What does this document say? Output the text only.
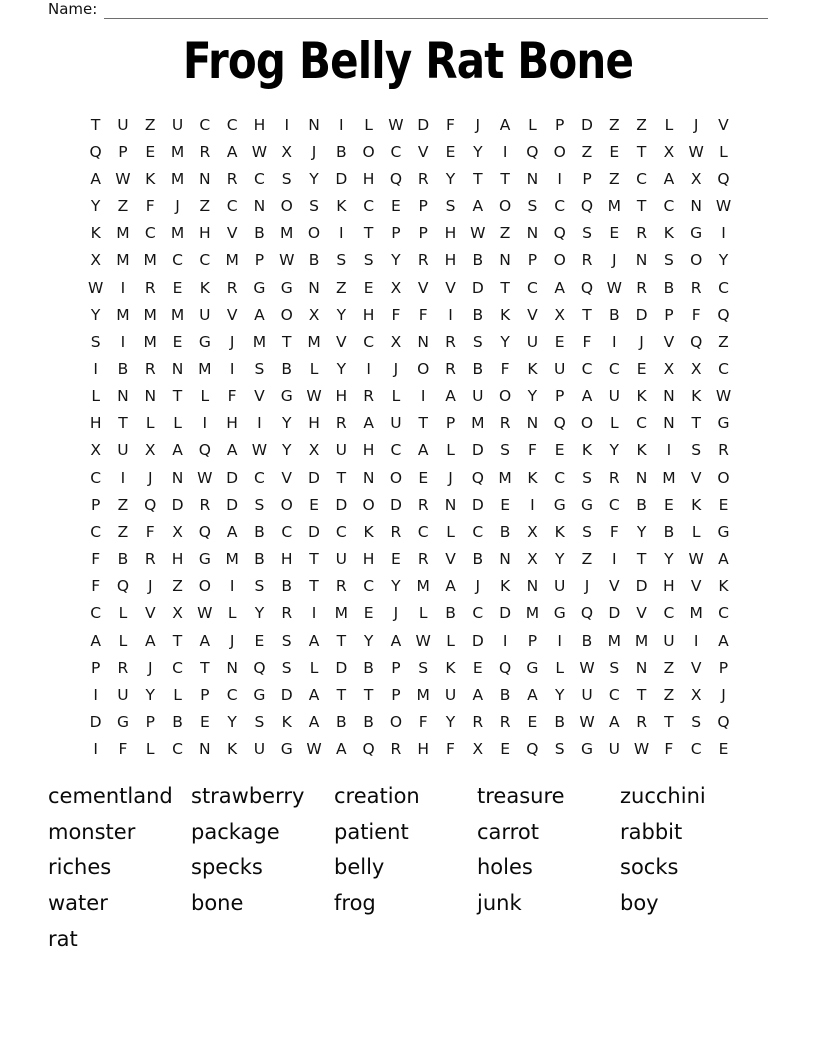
Name:
Frog Belly Rat Bone
T	U	Z	U	C	C	H	I	N	I	L W D	F	J	A	L	P	D	Z	Z	L	J	V
Q	P	E	M R	A W X	J	B	O	C	V	E	Y	I	Q O	Z	E	T	X W L
A W K	M N	R	C	S	Y	D	H Q	R	Y	T	T	N	I	P	Z	C	A	X	Q
Y	Z	F	J	Z	C	N O	S	K	C	E	P	S	A	O	S	C	Q M	T	C	N W
K	M C M H	V	B M O	I	T	P	P	H W Z	N Q	S	E	R	K	G	I
X M M C	C M	P W B	S	S	Y	R	H	B	N	P	O	R	J	N	S	O	Y
W	I	R	E	K	R	G G N	Z	E	X	V	V	D	T	C	A	Q W R	B	R	C
Y	M M M U	V	A	O	X	Y	H	F	F	I	B	K	V	X	T	B	D	P	F	Q
S	I	M	E	G	J	M	T	M V	C	X	N	R	S	Y	U	E	F	I	J	V	Q	Z
I	B	R	N M	I	S	B	L	Y	I	J	O	R	B	F	K	U	C	C	E	X	X	C
L	N	N	T	L	F	V	G W H	R	L	I	A	U	O	Y	P	A	U	K	N	K W
H	T	L	L	I	H	I	Y	H	R	A	U	T	P	M R	N Q O	L	C	N	T	G
X	U	X	A	Q	A W Y	X	U	H	C	A	L	D	S	F	E	K	Y	K	I	S	R
C	I	J	N W D	C	V	D	T	N O	E	J	Q M	K	C	S	R	N M V	O
P	Z	Q D	R	D	S	O	E	D O D	R	N	D	E	I	G G	C	B	E	K	E
C	Z	F	X	Q	A	B	C	D	C	K	R	C	L	C	B	X	K	S	F	Y	B	L	G
F	B	R	H G M B	H	T	U	H	E	R	V	B	N	X	Y	Z	I	T	Y W A
F	Q	J	Z	O	I	S	B	T	R	C	Y	M A	J	K	N	U	J	V	D	H	V	K
C	L	V	X W L	Y	R	I	M	E	J	L	B	C	D M G Q D	V	C M C
A	L	A	T	A	J	E	S	A	T	Y	A W L	D	I	P	I	B M M U	I	A
P	R	J	C	T	N Q	S	L	D	B	P	S	K	E	Q G	L W S	N	Z	V	P
I	U	Y	L	P	C	G D	A	T	T	P	M U	A	B	A	Y	U	C	T	Z	X	J
D G	P	B	E	Y	S	K	A	B	B	O	F	Y	R	R	E	B W A	R	T	S	Q
I	F	L	C	N	K	U	G W A	Q	R	H	F	X	E	Q	S	G	U W F	C	E
cementland
monster
riches
water
rat
strawberry
package
specks
bone
creation
patient
belly
frog
treasure
carrot
holes
junk
zucchini
rabbit
socks
boy
